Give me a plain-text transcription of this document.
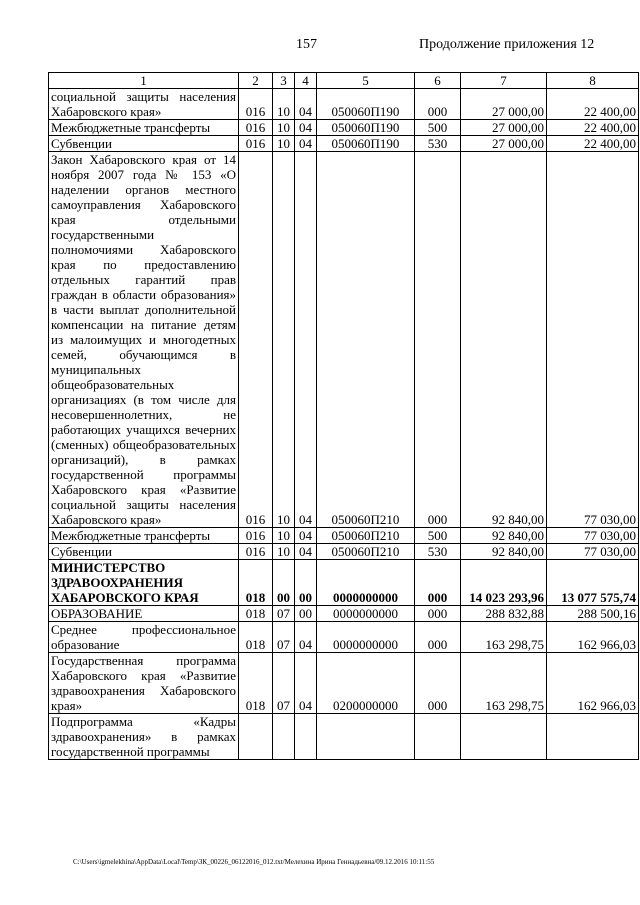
157	Продолжение приложения 12
1	2	3	4	5	6	7	8
социальной защиты населения Хабаровского края»	016	10	04	050060П190	000	27 000,00	22 400,00
Межбюджетные трансферты	016	10	04	050060П190	500	27 000,00	22 400,00
Субвенции	016	10	04	050060П190	530	27 000,00	22 400,00
Закон Хабаровского края от 14 ноября 2007 года № 153 «О наделении органов местного самоуправления Хабаровского края отдельными государственными полномочиями Хабаровского края по предоставлению отдельных гарантий прав граждан в области образования» в части выплат дополнительной компенсации на питание детям из малоимущих и многодетных семей, обучающимся в муниципальных общеобразовательных организациях (в том числе для несовершеннолетних, не работающих учащихся вечерних (сменных) общеобразовательных организаций), в рамках государственной программы Хабаровского края «Развитие социальной защиты населения Хабаровского края»	016	10	04	050060П210	000	92 840,00	77 030,00
Межбюджетные трансферты	016	10	04	050060П210	500	92 840,00	77 030,00
Субвенции	016	10	04	050060П210	530	92 840,00	77 030,00
МИНИСТЕРСТВО ЗДРАВООХРАНЕНИЯ ХАБАРОВСКОГО КРАЯ	018	00	00	0000000000	000	14 023 293,96	13 077 575,74
ОБРАЗОВАНИЕ	018	07	00	0000000000	000	288 832,88	288 500,16
Среднее профессиональное образование	018	07	04	0000000000	000	163 298,75	162 966,03
Государственная программа Хабаровского края «Развитие здравоохранения Хабаровского края»	018	07	04	0200000000	000	163 298,75	162 966,03
Подпрограмма «Кадры здравоохранения» в рамках государственной программы							
C:\Users\igmelekhina\AppData\Local\Temp\ЗК_00226_06122016_012.txt/Мелехина Ирина Геннадьевна/09.12.2016 10:11:55
